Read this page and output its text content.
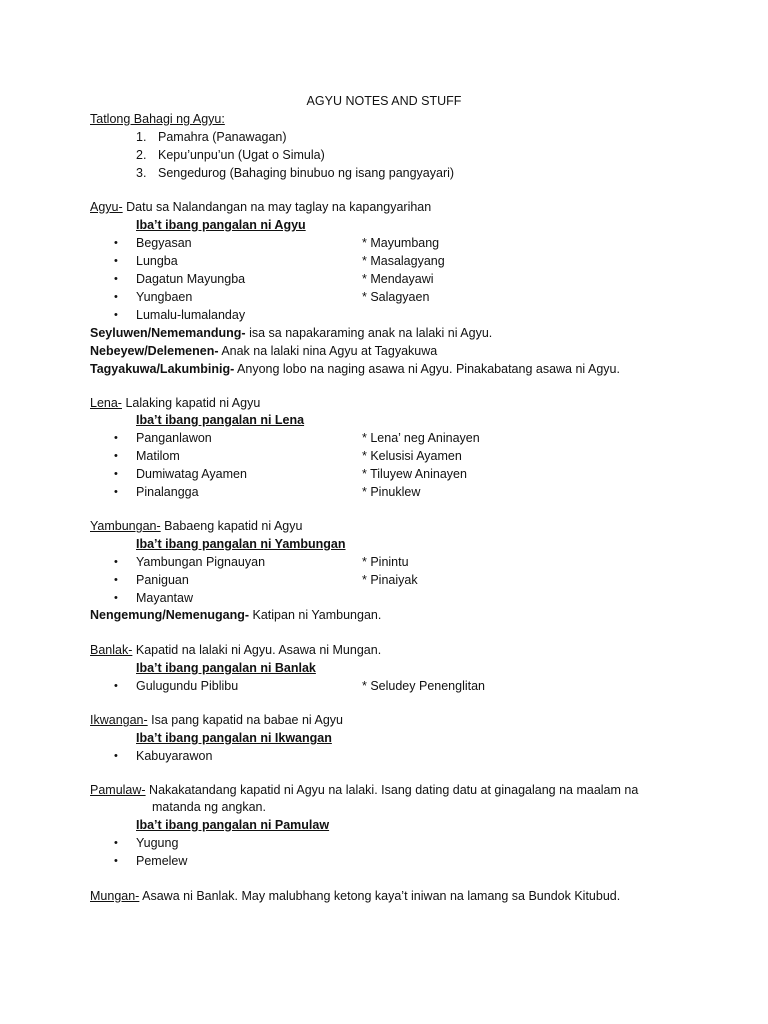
AGYU NOTES AND STUFF
Tatlong Bahagi ng Agyu:
1. Pamahra (Panawagan)
2. Kepu’unpu’un (Ugat o Simula)
3. Sengedurog (Bahaging binubuo ng isang pangyayari)
Agyu- Datu sa Nalandangan na may taglay na kapangyarihan
Iba’t ibang pangalan ni Agyu
• Begyasan	* Mayumbang
• Lungba	* Masalagyang
• Dagatun Mayungba	* Mendayawi
• Yungbaen	* Salagyaen
• Lumalu-lumalanday
Seyluwen/Nememandung- isa sa napakaraming anak na lalaki ni Agyu.
Nebeyew/Delemenen- Anak na lalaki nina Agyu at Tagyakuwa
Tagyakuwa/Lakumbinig- Anyong lobo na naging asawa ni Agyu. Pinakabatang asawa ni Agyu.
Lena- Lalaking kapatid ni Agyu
Iba’t ibang pangalan ni Lena
• Panganlawon	* Lena’ neg Aninayen
• Matilom	* Kelusisi Ayamen
• Dumiwatag Ayamen	* Tiluyew Aninayen
• Pinalangga	* Pinuklew
Yambungan- Babaeng kapatid ni Agyu
Iba’t ibang pangalan ni Yambungan
• Yambungan Pignauyan	* Pinintu
• Paniguan	* Pinaiyak
• Mayantaw
Nengemung/Nemenugang- Katipan ni Yambungan.
Banlak- Kapatid na lalaki ni Agyu. Asawa ni Mungan.
Iba’t ibang pangalan ni Banlak
• Gulugundu Piblibu	* Seludey Penenglitan
Ikwangan- Isa pang kapatid na babae ni Agyu
Iba’t ibang pangalan ni Ikwangan
• Kabuyarawon
Pamulaw- Nakakatandang kapatid ni Agyu na lalaki. Isang dating datu at ginagalang na maalam na
matanda ng angkan.
Iba’t ibang pangalan ni Pamulaw
• Yugung
• Pemelew
Mungan- Asawa ni Banlak. May malubhang ketong kaya’t iniwan na lamang sa Bundok Kitubud.
